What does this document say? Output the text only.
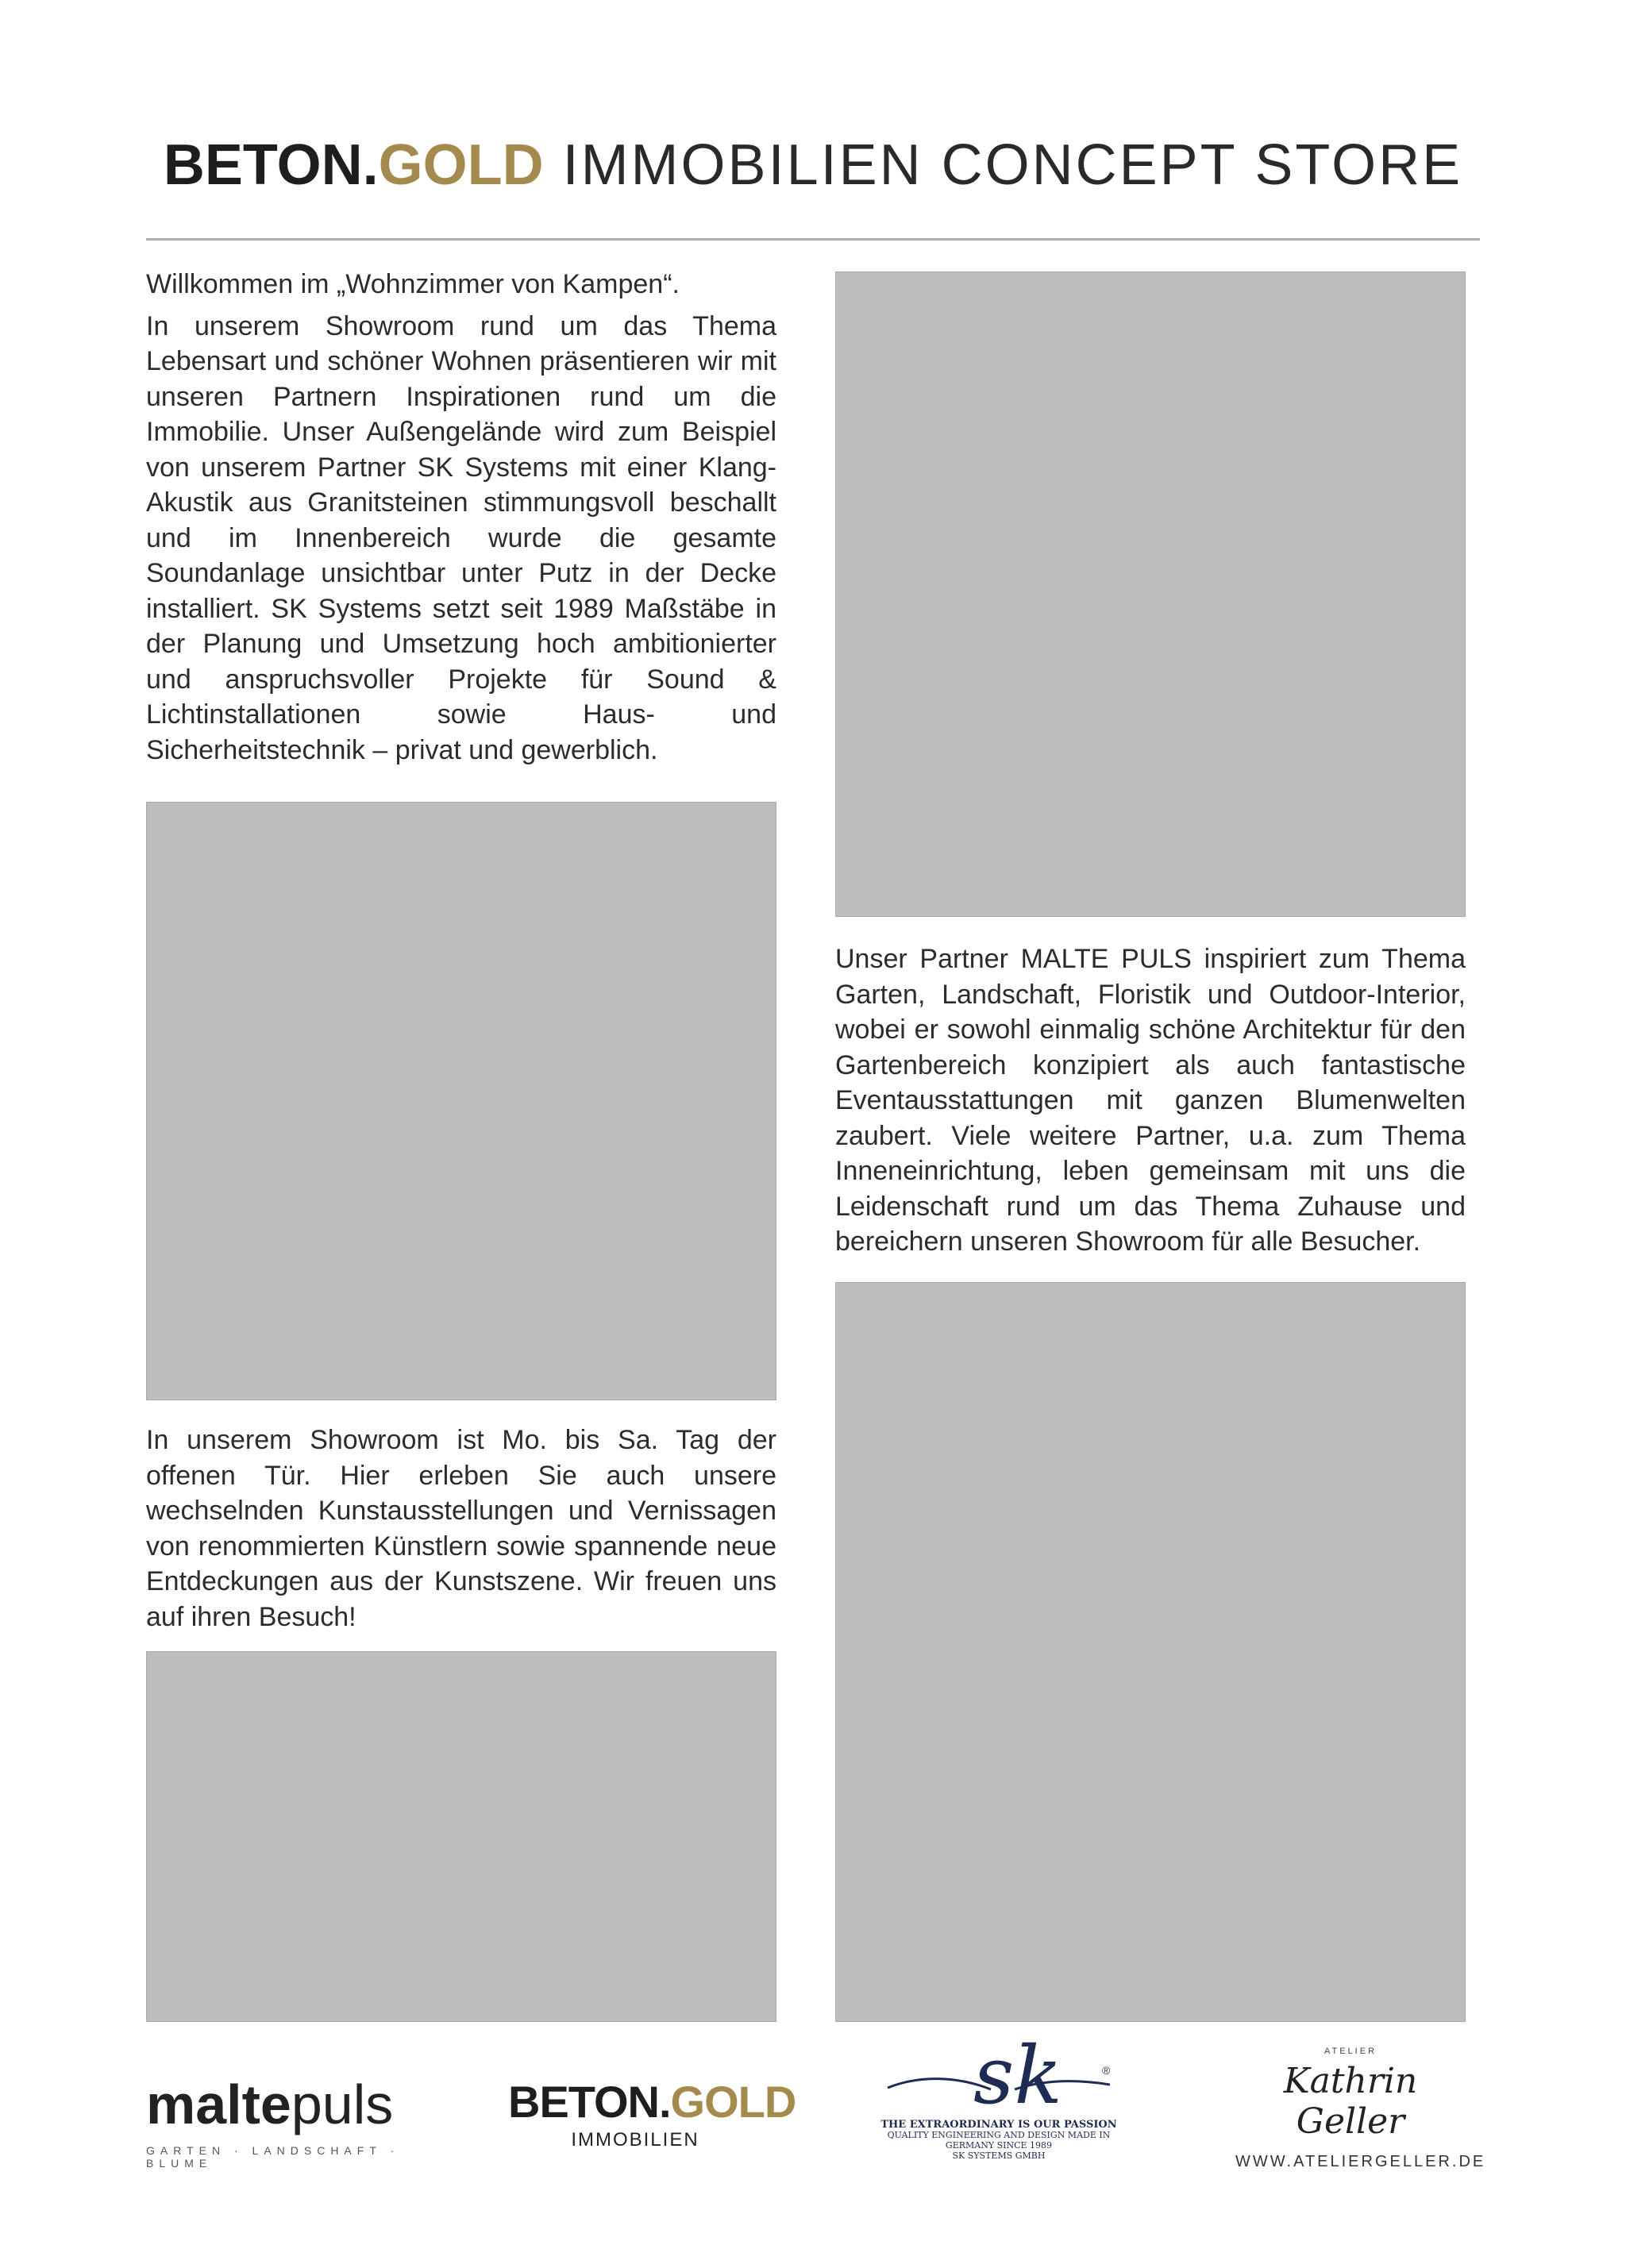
BETON.GOLD IMMOBILIEN CONCEPT STORE

Willkommen im „Wohnzimmer von Kampen“.

In unserem Showroom rund um das Thema Lebensart und schöner Wohnen präsentieren wir mit unseren Partnern Inspirationen rund um die Immobilie. Unser Außengelände wird zum Beispiel von unserem Partner SK Systems mit einer Klang-Akustik aus Granitsteinen stimmungsvoll beschallt und im Innenbereich wurde die gesamte Soundanlage unsichtbar unter Putz in der Decke installiert. SK Systems setzt seit 1989 Maßstäbe in der Planung und Umsetzung hoch ambitionierter und anspruchsvoller Projekte für Sound & Lichtinstallationen sowie Haus- und Sicherheitstechnik – privat und gewerblich.

In unserem Showroom ist Mo. bis Sa. Tag der offenen Tür. Hier erleben Sie auch unsere wechselnden Kunstausstellungen und Vernissagen von renommierten Künstlern sowie spannende neue Entdeckungen aus der Kunstszene. Wir freuen uns auf ihren Besuch!

Unser Partner MALTE PULS inspiriert zum Thema Garten, Landschaft, Floristik und Outdoor-Interior, wobei er sowohl einmalig schöne Architektur für den Gartenbereich konzipiert als auch fantastische Eventausstattungen mit ganzen Blumenwelten zaubert. Viele weitere Partner, u.a. zum Thema Inneneinrichtung, leben gemeinsam mit uns die Leidenschaft rund um das Thema Zuhause und bereichern unseren Showroom für alle Besucher.

maltepuls
GARTEN · LANDSCHAFT · BLUME
BETON.GOLD
IMMOBILIEN
sk	®
THE EXTRAORDINARY IS OUR PASSION
QUALITY ENGINEERING AND DESIGN MADE IN GERMANY SINCE 1989
SK SYSTEMS GMBH
ATELIER
Kathrin Geller
WWW.ATELIERGELLER.DE
